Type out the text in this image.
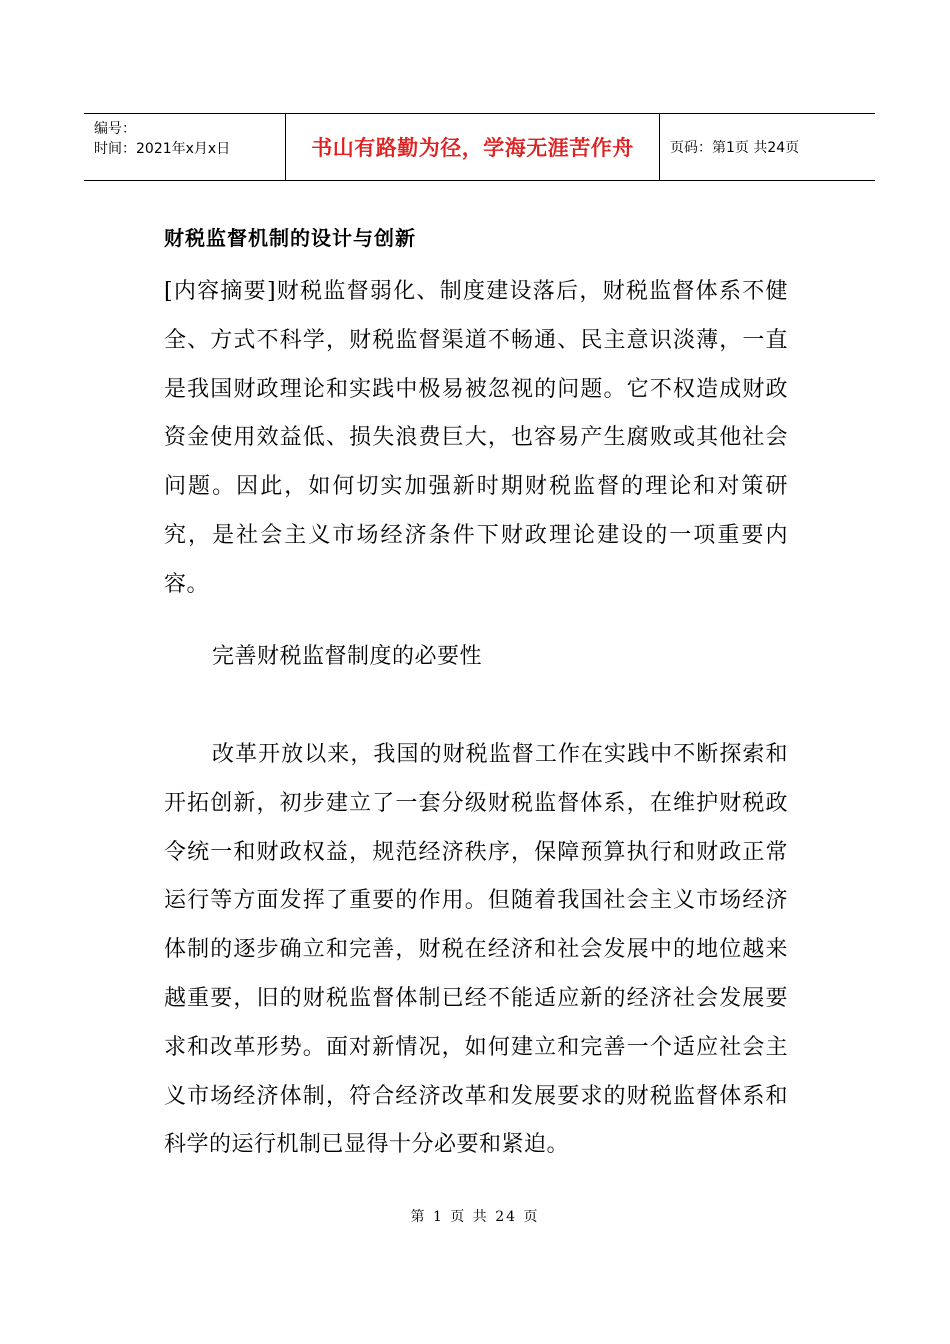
编号：
时间：2021年x月x日	书山有路勤为径，学海无涯苦作舟	页码：第1页 共24页
财税监督机制的设计与创新
[内容摘要]财税监督弱化、制度建设落后，财税监督体系不健全、方式不科学，财税监督渠道不畅通、民主意识淡薄，一直是我国财政理论和实践中极易被忽视的问题。它不权造成财政资金使用效益低、损失浪费巨大，也容易产生腐败或其他社会问题。因此，如何切实加强新时期财税监督的理论和对策研究，是社会主义市场经济条件下财政理论建设的一项重要内容。
完善财税监督制度的必要性
改革开放以来，我国的财税监督工作在实践中不断探索和开拓创新，初步建立了一套分级财税监督体系，在维护财税政令统一和财政权益，规范经济秩序，保障预算执行和财政正常运行等方面发挥了重要的作用。但随着我国社会主义市场经济体制的逐步确立和完善，财税在经济和社会发展中的地位越来越重要，旧的财税监督体制已经不能适应新的经济社会发展要求和改革形势。面对新情况，如何建立和完善一个适应社会主义市场经济体制，符合经济改革和发展要求的财税监督体系和科学的运行机制已显得十分必要和紧迫。
第 1 页 共 24 页
